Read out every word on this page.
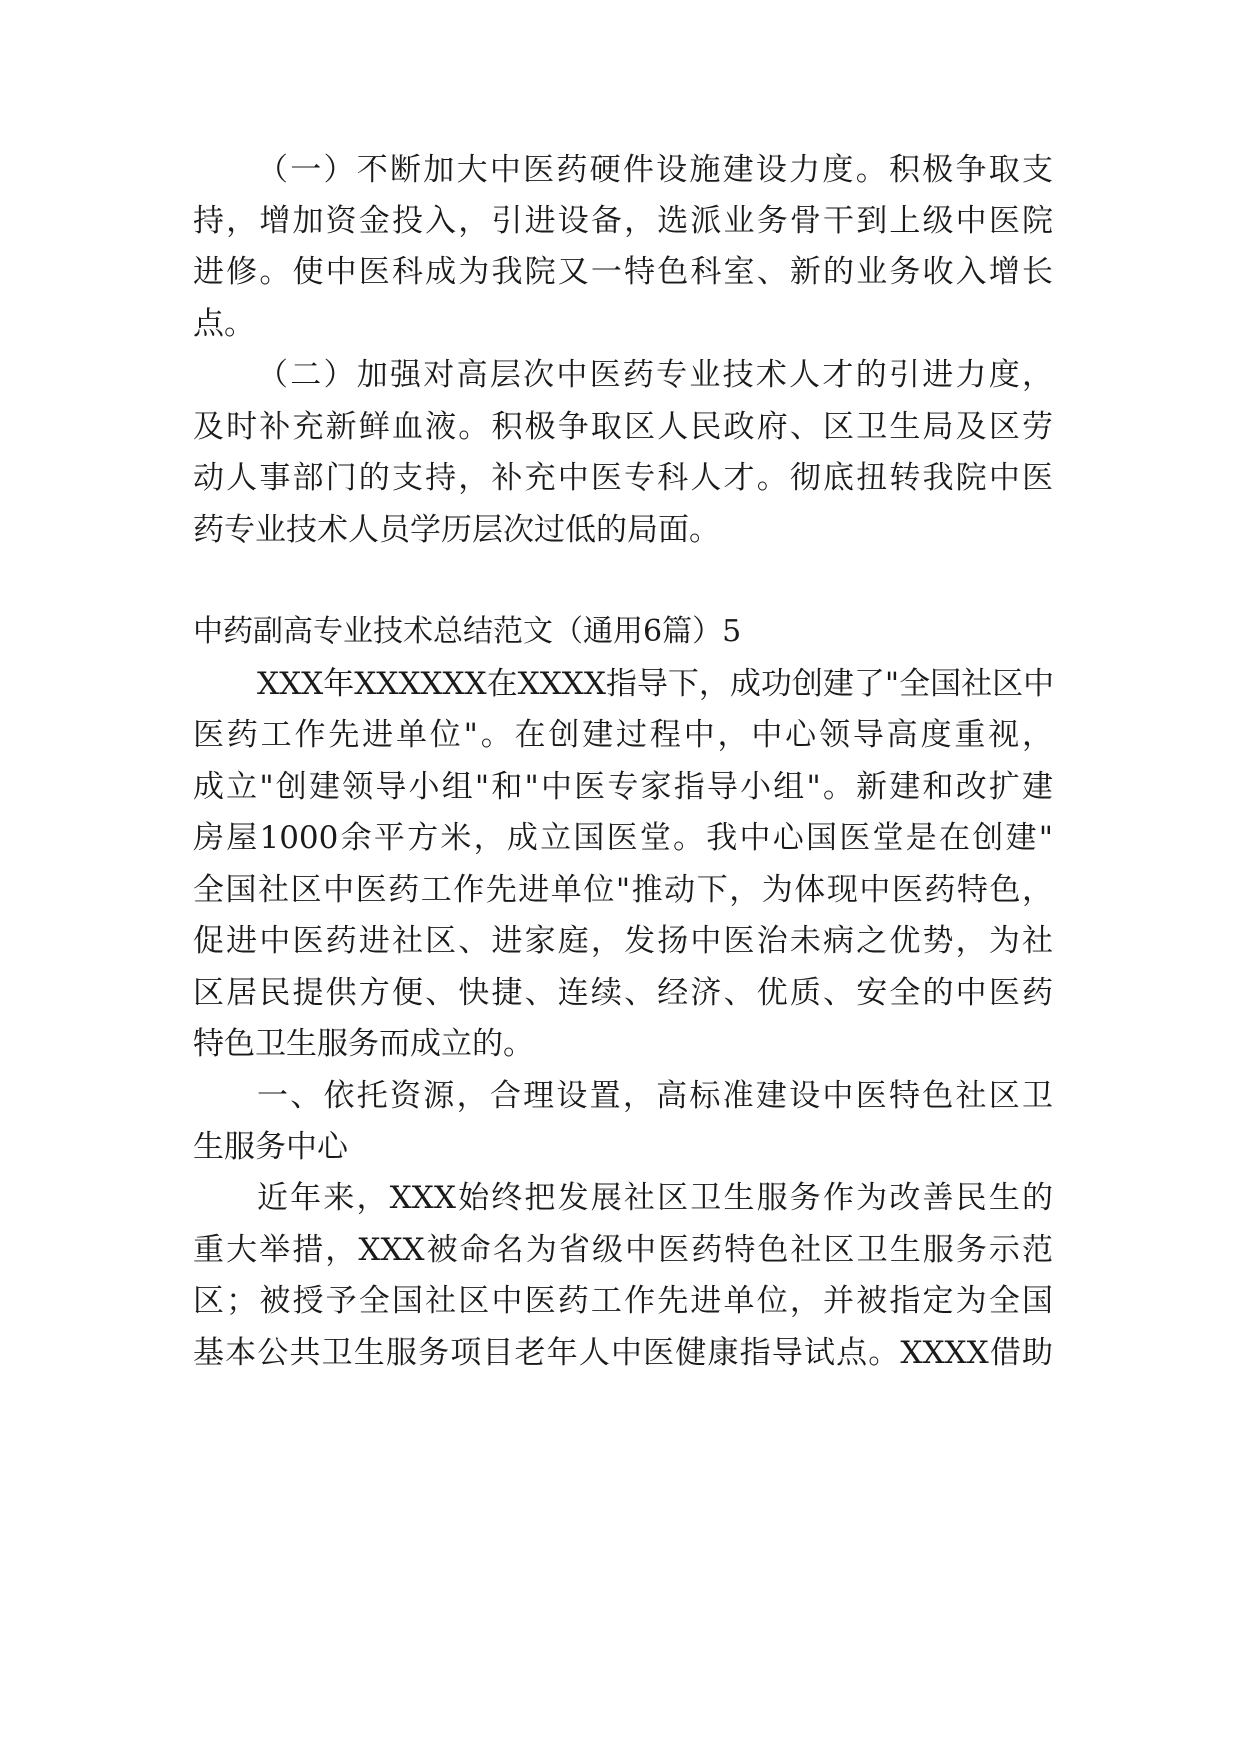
（一）不断加大中医药硬件设施建设力度。积极争取支
持，增加资金投入，引进设备，选派业务骨干到上级中医院
进修。使中医科成为我院又一特色科室、新的业务收入增长
点。
（二）加强对高层次中医药专业技术人才的引进力度，
及时补充新鲜血液。积极争取区人民政府、区卫生局及区劳
动人事部门的支持，补充中医专科人才。彻底扭转我院中医
药专业技术人员学历层次过低的局面。
中药副高专业技术总结范文（通用6篇）5
XXX年XXXXXX在XXXX指导下，成功创建了"全国社区中
医药工作先进单位"。在创建过程中，中心领导高度重视，
成立"创建领导小组"和"中医专家指导小组"。新建和改扩建
房屋1000余平方米，成立国医堂。我中心国医堂是在创建"
全国社区中医药工作先进单位"推动下，为体现中医药特色，
促进中医药进社区、进家庭，发扬中医治未病之优势，为社
区居民提供方便、快捷、连续、经济、优质、安全的中医药
特色卫生服务而成立的。
一、依托资源，合理设置，高标准建设中医特色社区卫
生服务中心
近年来，XXX始终把发展社区卫生服务作为改善民生的
重大举措，XXX被命名为省级中医药特色社区卫生服务示范
区；被授予全国社区中医药工作先进单位，并被指定为全国
基本公共卫生服务项目老年人中医健康指导试点。XXXX借助
